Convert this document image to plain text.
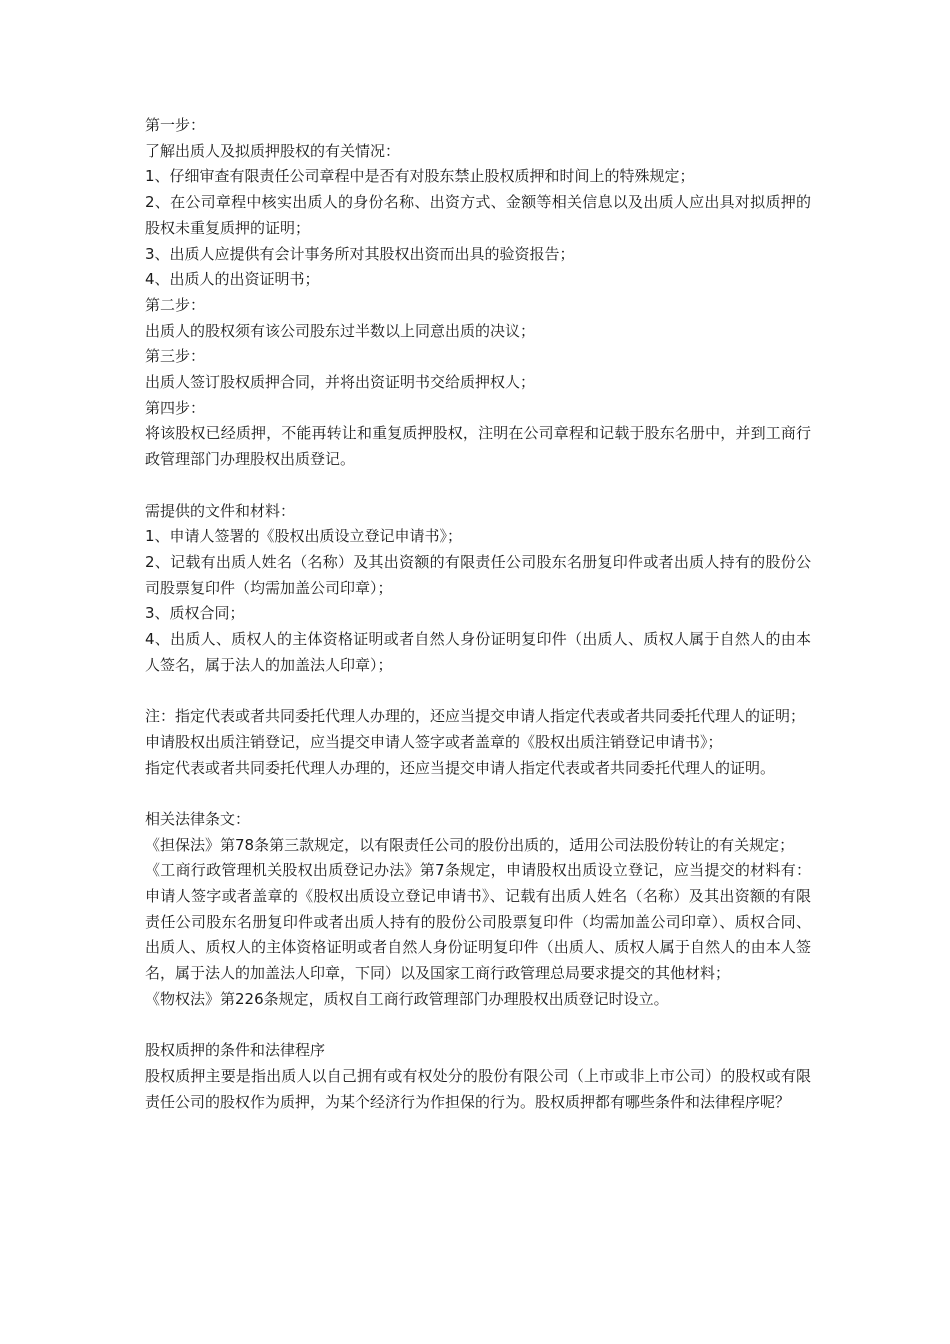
第一步：
了解出质人及拟质押股权的有关情况：
1、仔细审查有限责任公司章程中是否有对股东禁止股权质押和时间上的特殊规定；
2、在公司章程中核实出质人的身份名称、出资方式、金额等相关信息以及出质人应出具对拟质押的股权未重复质押的证明；
3、出质人应提供有会计事务所对其股权出资而出具的验资报告；
4、出质人的出资证明书；
第二步：
出质人的股权须有该公司股东过半数以上同意出质的决议；
第三步：
出质人签订股权质押合同，并将出资证明书交给质押权人；
第四步：
将该股权已经质押，不能再转让和重复质押股权，注明在公司章程和记载于股东名册中，并到工商行政管理部门办理股权出质登记。
需提供的文件和材料：
1、申请人签署的《股权出质设立登记申请书》；
2、记载有出质人姓名（名称）及其出资额的有限责任公司股东名册复印件或者出质人持有的股份公司股票复印件（均需加盖公司印章）；
3、质权合同；
4、出质人、质权人的主体资格证明或者自然人身份证明复印件（出质人、质权人属于自然人的由本人签名，属于法人的加盖法人印章）；
注：指定代表或者共同委托代理人办理的，还应当提交申请人指定代表或者共同委托代理人的证明；
申请股权出质注销登记，应当提交申请人签字或者盖章的《股权出质注销登记申请书》；
指定代表或者共同委托代理人办理的，还应当提交申请人指定代表或者共同委托代理人的证明。
相关法律条文：
《担保法》第78条第三款规定，以有限责任公司的股份出质的，适用公司法股份转让的有关规定；
《工商行政管理机关股权出质登记办法》第7条规定，申请股权出质设立登记，应当提交的材料有：申请人签字或者盖章的《股权出质设立登记申请书》、记载有出质人姓名（名称）及其出资额的有限责任公司股东名册复印件或者出质人持有的股份公司股票复印件（均需加盖公司印章）、质权合同、出质人、质权人的主体资格证明或者自然人身份证明复印件（出质人、质权人属于自然人的由本人签名，属于法人的加盖法人印章，下同）以及国家工商行政管理总局要求提交的其他材料；
《物权法》第226条规定，质权自工商行政管理部门办理股权出质登记时设立。
股权质押的条件和法律程序
股权质押主要是指出质人以自己拥有或有权处分的股份有限公司（上市或非上市公司）的股权或有限责任公司的股权作为质押，为某个经济行为作担保的行为。股权质押都有哪些条件和法律程序呢？
